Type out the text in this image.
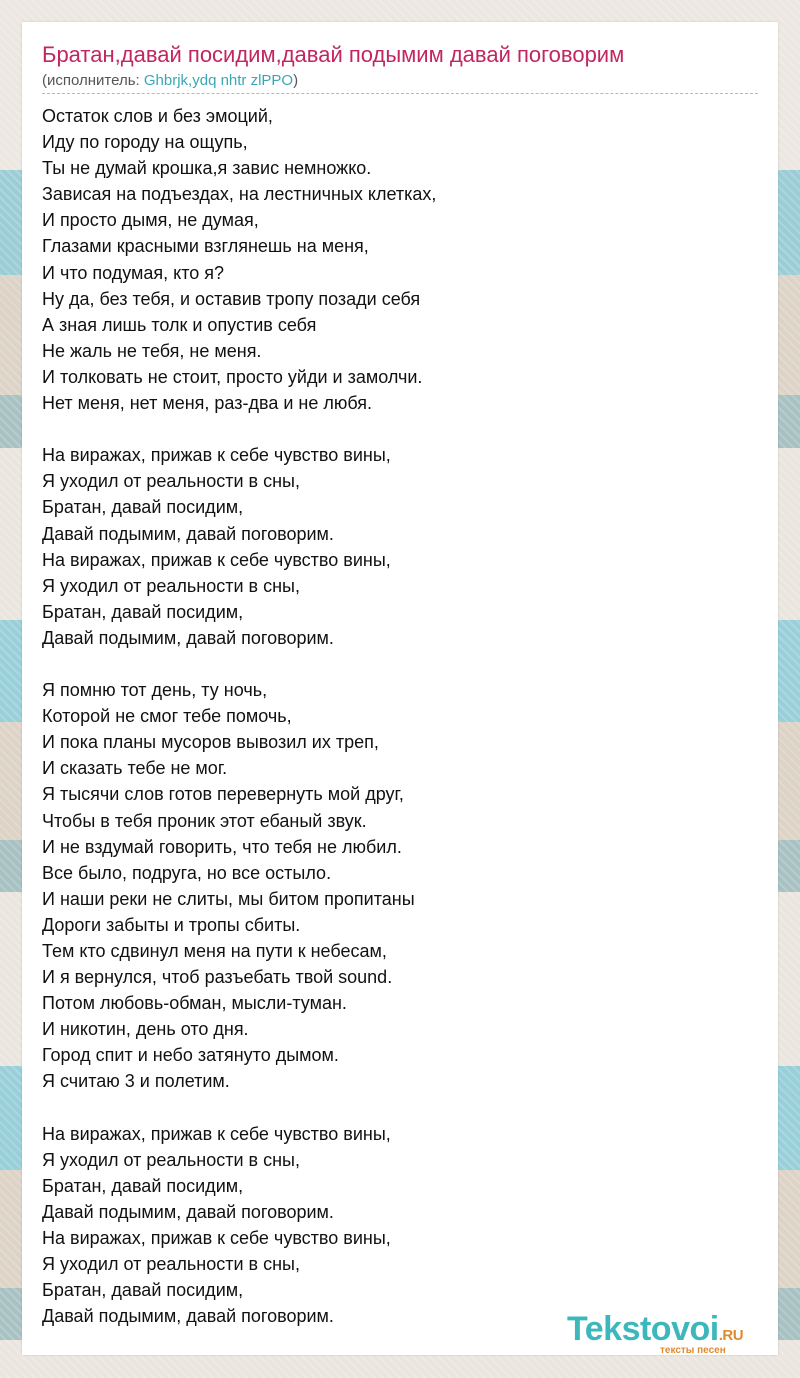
Братан,давай посидим,давай подымим давай поговорим
(исполнитель: Ghbrjk,ydq nhtr zlPPO)
Остаток слов и без эмоций,
Иду по городу на ощупь,
Ты не думай крошка,я завис немножко.
Зависая на подъездах, на лестничных клетках,
И просто дымя, не думая,
Глазами красными взглянешь на меня,
И что подумая, кто я?
Ну да, без тебя, и оставив тропу позади себя
А зная лишь толк и опустив себя
Не жаль не тебя, не меня.
И толковать не стоит, просто уйди и замолчи.
Нет меня, нет меня, раз-два и не любя.
На виражах, прижав к себе чувство вины,
Я уходил от реальности в сны,
Братан, давай посидим,
Давай подымим, давай поговорим.
На виражах, прижав к себе чувство вины,
Я уходил от реальности в сны,
Братан, давай посидим,
Давай подымим, давай поговорим.
Я помню тот день, ту ночь,
Которой не смог тебе помочь,
И пока планы мусоров вывозил их треп,
И сказать тебе не мог.
Я тысячи слов готов перевернуть мой друг,
Чтобы в тебя проник этот ебаный звук.
И не вздумай говорить, что тебя не любил.
Все было, подруга, но все остыло.
И наши реки не слиты, мы битом пропитаны
Дороги забыты и тропы сбиты.
Тем кто сдвинул меня на пути к небесам,
И я вернулся, чтоб разъебать твой sound.
Потом любовь-обман, мысли-туман.
И никотин, день ото дня.
Город спит и небо затянуто дымом.
Я считаю 3 и полетим.
На виражах, прижав к себе чувство вины,
Я уходил от реальности в сны,
Братан, давай посидим,
Давай подымим, давай поговорим.
На виражах, прижав к себе чувство вины,
Я уходил от реальности в сны,
Братан, давай посидим,
Давай подымим, давай поговорим.	Tekstovoi.RU
тексты песен
